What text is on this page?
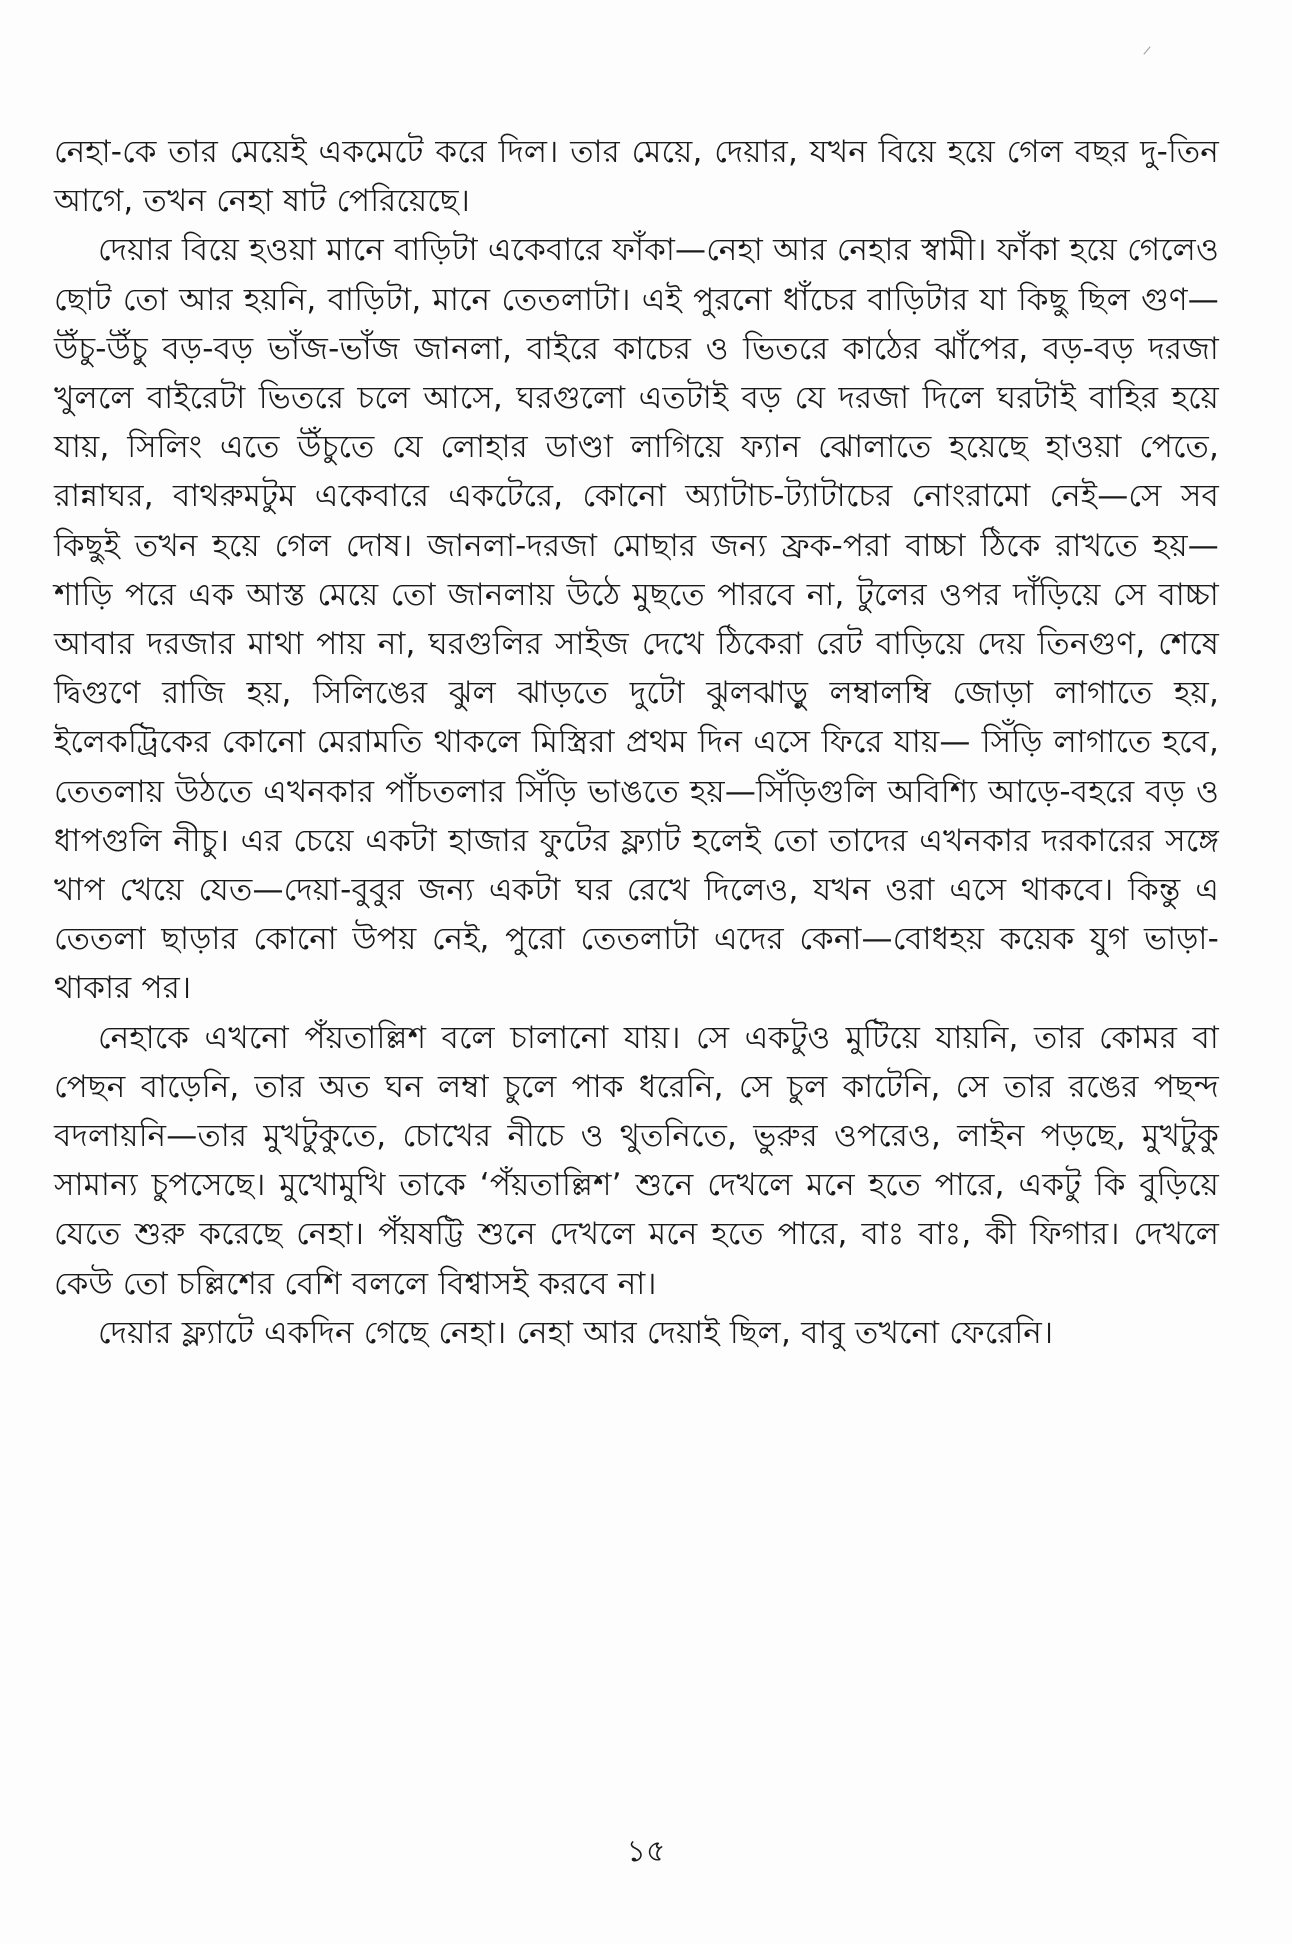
নেহা-কে তার মেয়েই একমেটে করে দিল। তার মেয়ে, দেয়ার, যখন বিয়ে হয়ে গেল বছর দু-তিন আগে, তখন নেহা ষাট পেরিয়েছে।

দেয়ার বিয়ে হওয়া মানে বাড়িটা একেবারে ফাঁকা—নেহা আর নেহার স্বামী। ফাঁকা হয়ে গেলেও ছোট তো আর হয়নি, বাড়িটা, মানে তেতলাটা। এই পুরনো ধাঁচের বাড়িটার যা কিছু ছিল গুণ—উঁচু-উঁচু বড়-বড় ভাঁজ-ভাঁজ জানলা, বাইরে কাচের ও ভিতরে কাঠের ঝাঁপের, বড়-বড় দরজা খুললে বাইরেটা ভিতরে চলে আসে, ঘরগুলো এতটাই বড় যে দরজা দিলে ঘরটাই বাহির হয়ে যায়, সিলিং এতে উঁচুতে যে লোহার ডাণ্ডা লাগিয়ে ফ্যান ঝোলাতে হয়েছে হাওয়া পেতে, রান্নাঘর, বাথরুমটুম একেবারে একটেরে, কোনো অ্যাটাচ-ট্যাটাচের নোংরামো নেই—সে সব কিছুই তখন হয়ে গেল দোষ। জানলা-দরজা মোছার জন্য ফ্রক-পরা বাচ্চা ঠিকে রাখতে হয়—শাড়ি পরে এক আস্ত মেয়ে তো জানলায় উঠে মুছতে পারবে না, টুলের ওপর দাঁড়িয়ে সে বাচ্চা আবার দরজার মাথা পায় না, ঘরগুলির সাইজ দেখে ঠিকেরা রেট বাড়িয়ে দেয় তিনগুণ, শেষে দ্বিগুণে রাজি হয়, সিলিঙের ঝুল ঝাড়তে দুটো ঝুলঝাড়ু লম্বালম্বি জোড়া লাগাতে হয়, ইলেকট্রিকের কোনো মেরামতি থাকলে মিস্ত্রিরা প্রথম দিন এসে ফিরে যায়— সিঁড়ি লাগাতে হবে, তেতলায় উঠতে এখনকার পাঁচতলার সিঁড়ি ভাঙতে হয়—সিঁড়িগুলি অবিশ্যি আড়ে-বহরে বড় ও ধাপগুলি নীচু। এর চেয়ে একটা হাজার ফুটের ফ্ল্যাট হলেই তো তাদের এখনকার দরকারের সঙ্গে খাপ খেয়ে যেত—দেয়া-বুবুর জন্য একটা ঘর রেখে দিলেও, যখন ওরা এসে থাকবে। কিন্তু এ তেতলা ছাড়ার কোনো উপয় নেই, পুরো তেতলাটা এদের কেনা—বোধহয় কয়েক যুগ ভাড়া-থাকার পর।

নেহাকে এখনো পঁয়তাল্লিশ বলে চালানো যায়। সে একটুও মুটিয়ে যায়নি, তার কোমর বা পেছন বাড়েনি, তার অত ঘন লম্বা চুলে পাক ধরেনি, সে চুল কাটেনি, সে তার রঙের পছন্দ বদলায়নি—তার মুখটুকুতে, চোখের নীচে ও থুতনিতে, ভুরুর ওপরেও, লাইন পড়ছে, মুখটুকু সামান্য চুপসেছে। মুখোমুখি তাকে ‘পঁয়তাল্লিশ’ শুনে দেখলে মনে হতে পারে, একটু কি বুড়িয়ে যেতে শুরু করেছে নেহা। পঁয়ষট্টি শুনে দেখলে মনে হতে পারে, বাঃ বাঃ, কী ফিগার। দেখলে কেউ তো চল্লিশের বেশি বললে বিশ্বাসই করবে না।

দেয়ার ফ্ল্যাটে একদিন গেছে নেহা। নেহা আর দেয়াই ছিল, বাবু তখনো ফেরেনি।

১৫
